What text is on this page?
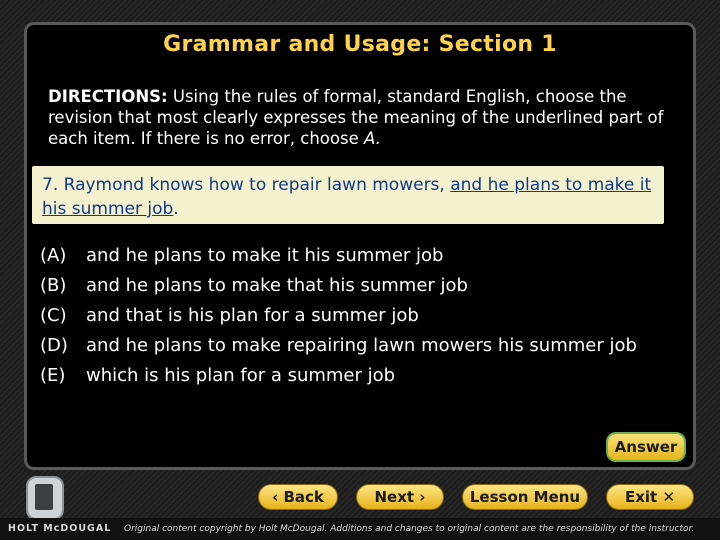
Grammar and Usage: Section 1
DIRECTIONS: Using the rules of formal, standard English, choose the revision that most clearly expresses the meaning of the underlined part of each item. If there is no error, choose A.
7. Raymond knows how to repair lawn mowers, and he plans to make it his summer job.
(A)	and he plans to make it his summer job
(B)	and he plans to make that his summer job
(C)	and that is his plan for a summer job
(D)	and he plans to make repairing lawn mowers his summer job
(E)	which is his plan for a summer job
Answer
‹ Back	Next ›	Lesson Menu	Exit ✕
HOLT McDOUGAL Original content copyright by Holt McDougal. Additions and changes to original content are the responsibility of the instructor.
